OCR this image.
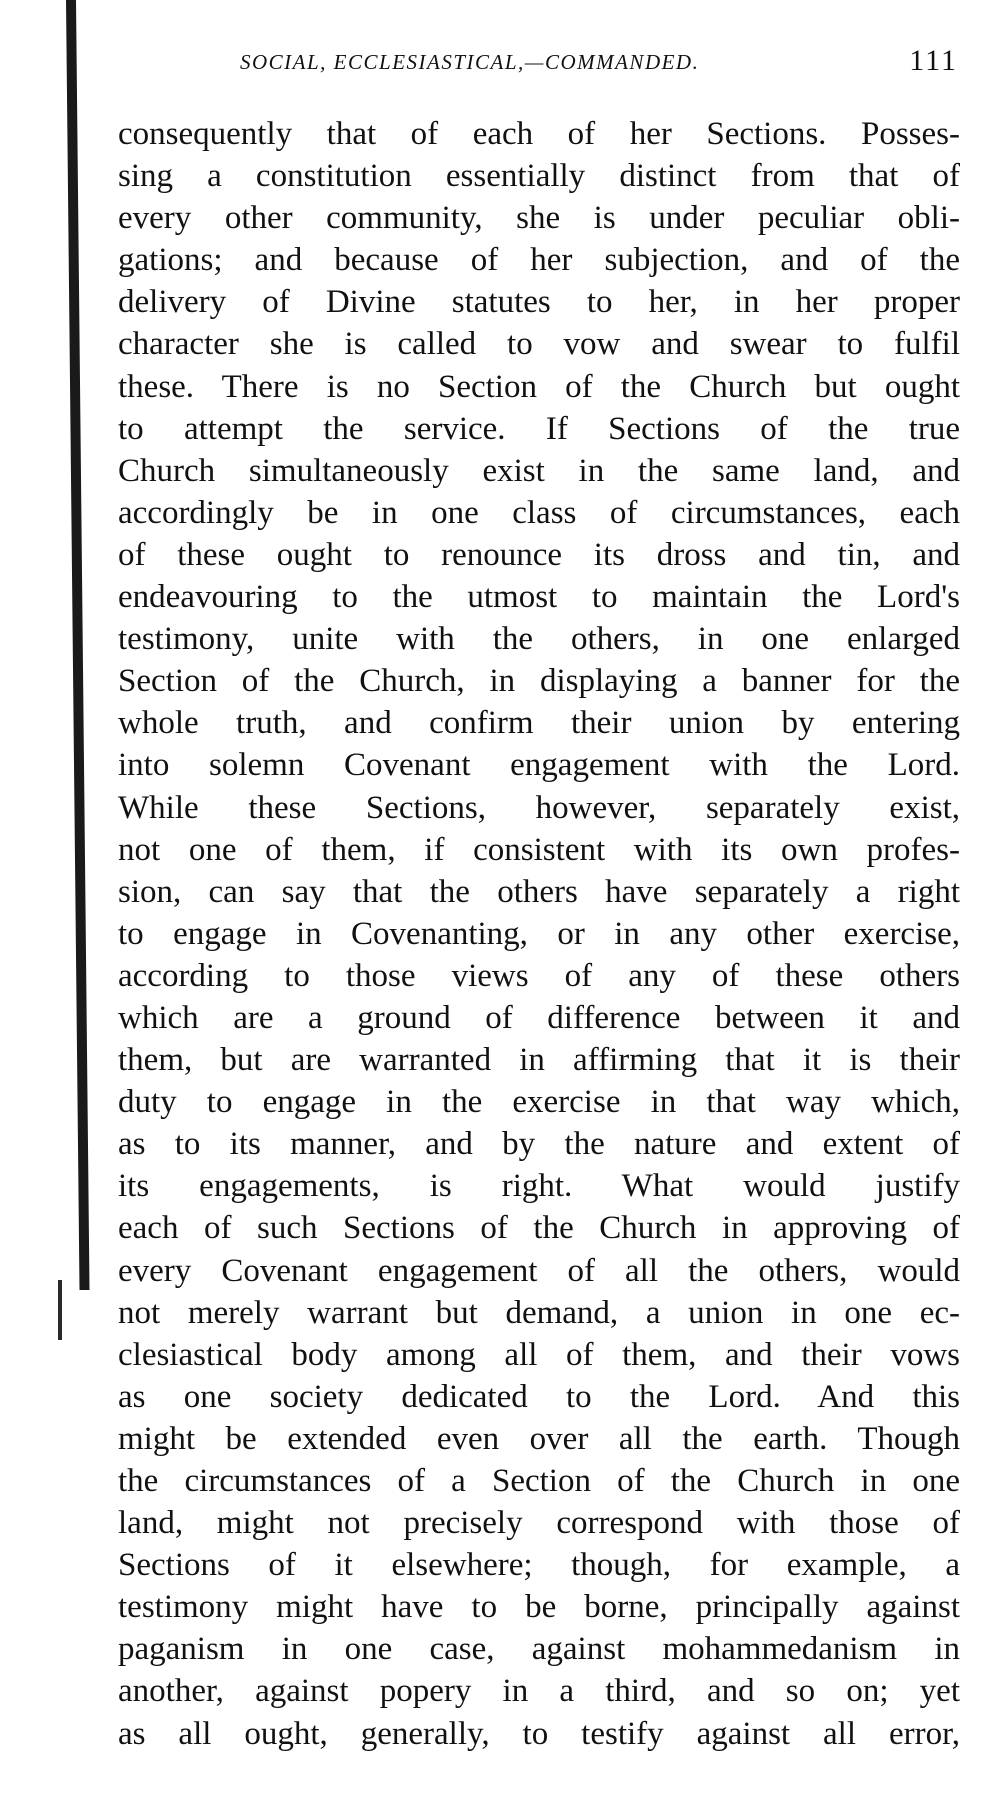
SOCIAL, ECCLESIASTICAL,—COMMANDED.	111
consequently that of each of her Sections. Posses-
sing a constitution essentially distinct from that of
every other community, she is under peculiar obli-
gations; and because of her subjection, and of the
delivery of Divine statutes to her, in her proper
character she is called to vow and swear to fulfil
these. There is no Section of the Church but ought
to attempt the service. If Sections of the true
Church simultaneously exist in the same land, and
accordingly be in one class of circumstances, each
of these ought to renounce its dross and tin, and
endeavouring to the utmost to maintain the Lord's
testimony, unite with the others, in one enlarged
Section of the Church, in displaying a banner for the
whole truth, and confirm their union by entering
into solemn Covenant engagement with the Lord.
While these Sections, however, separately exist,
not one of them, if consistent with its own profes-
sion, can say that the others have separately a right
to engage in Covenanting, or in any other exercise,
according to those views of any of these others
which are a ground of difference between it and
them, but are warranted in affirming that it is their
duty to engage in the exercise in that way which,
as to its manner, and by the nature and extent of
its engagements, is right. What would justify
each of such Sections of the Church in approving of
every Covenant engagement of all the others, would
not merely warrant but demand, a union in one ec-
clesiastical body among all of them, and their vows
as one society dedicated to the Lord. And this
might be extended even over all the earth. Though
the circumstances of a Section of the Church in one
land, might not precisely correspond with those of
Sections of it elsewhere; though, for example, a
testimony might have to be borne, principally against
paganism in one case, against mohammedanism in
another, against popery in a third, and so on; yet
as all ought, generally, to testify against all error,
